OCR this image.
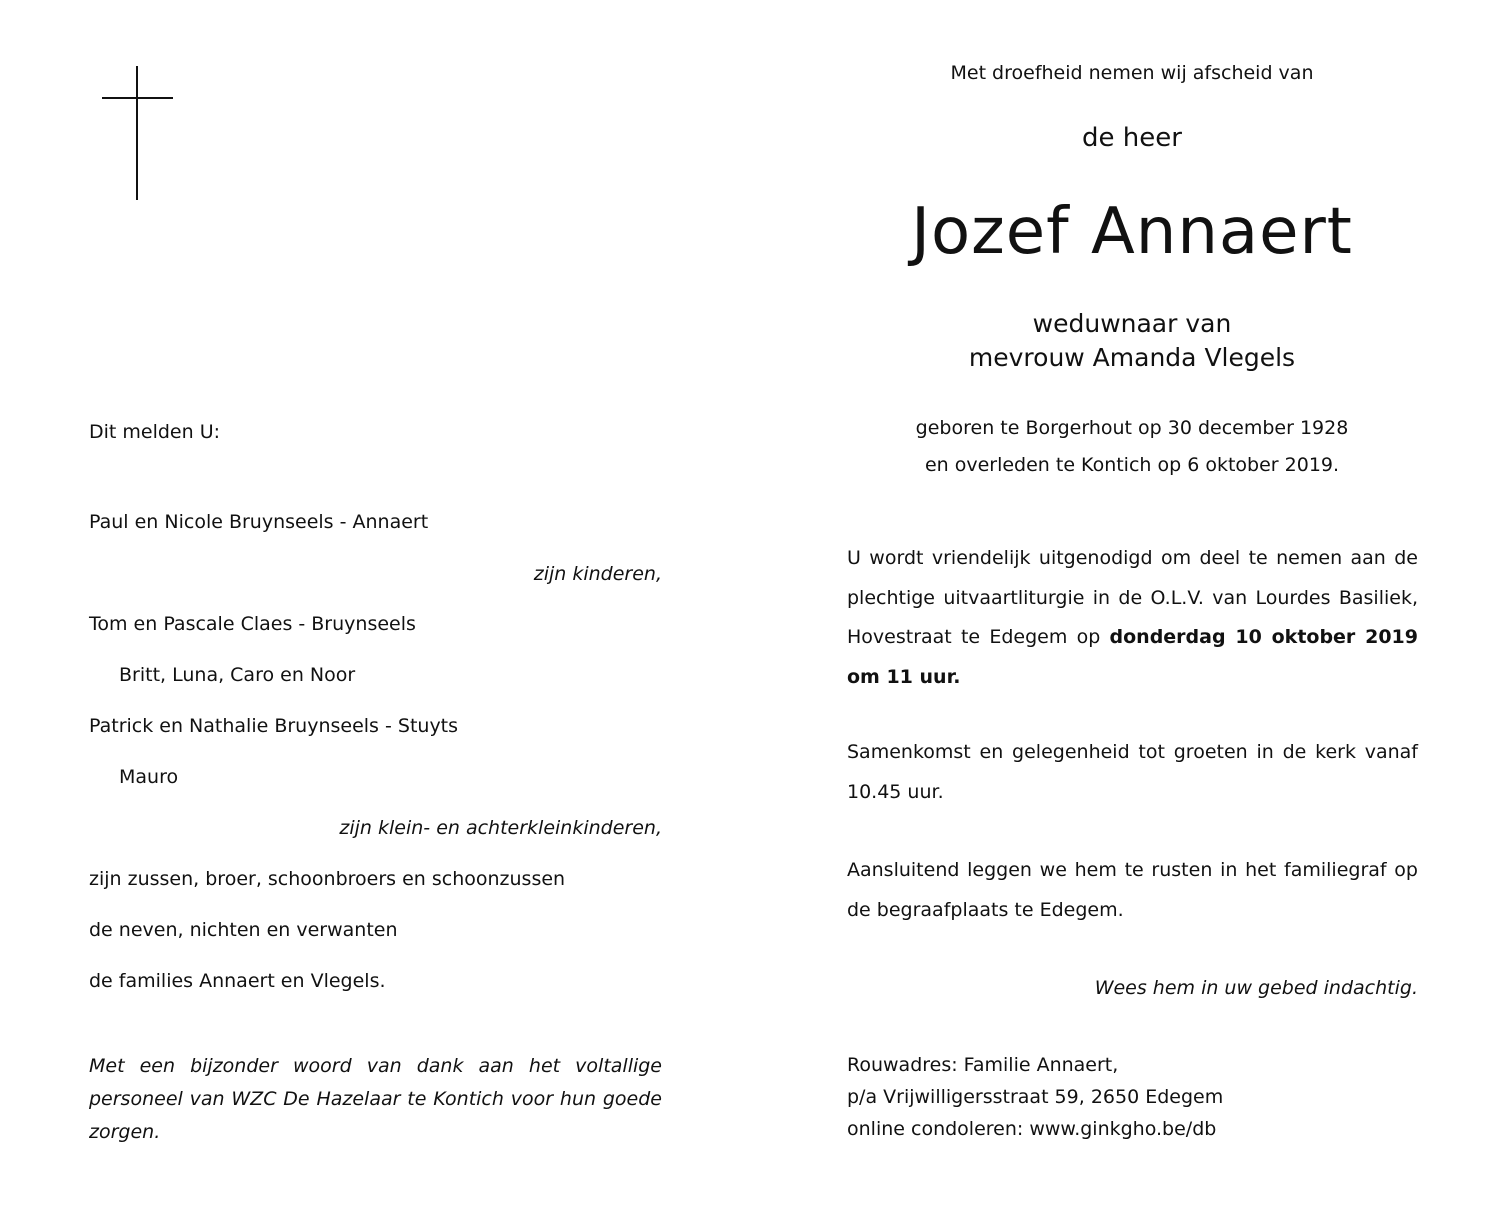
Dit melden U:

Paul en Nicole Bruynseels - Annaert

zijn kinderen,

Tom en Pascale Claes - Bruynseels

Britt, Luna, Caro en Noor

Patrick en Nathalie Bruynseels - Stuyts

Mauro

zijn klein- en achterkleinkinderen,

zijn zussen, broer, schoonbroers en schoonzussen

de neven, nichten en verwanten

de families Annaert en Vlegels.

Met een bijzonder woord van dank aan het voltallige personeel van WZC De Hazelaar te Kontich voor hun goede zorgen.

Met droefheid nemen wij afscheid van

de heer

Jozef Annaert

weduwnaar van

mevrouw Amanda Vlegels

geboren te Borgerhout op 30 december 1928

en overleden te Kontich op 6 oktober 2019.

U wordt vriendelijk uitgenodigd om deel te nemen aan de plechtige uitvaartliturgie in de O.L.V. van Lourdes Basiliek, Hovestraat te Edegem op donderdag 10 oktober 2019 om 11 uur.

Samenkomst en gelegenheid tot groeten in de kerk vanaf 10.45 uur.

Aansluitend leggen we hem te rusten in het familiegraf op de begraafplaats te Edegem.

Wees hem in uw gebed indachtig.

Rouwadres: Familie Annaert,

p/a Vrijwilligersstraat 59, 2650 Edegem

online condoleren: www.ginkgho.be/db
